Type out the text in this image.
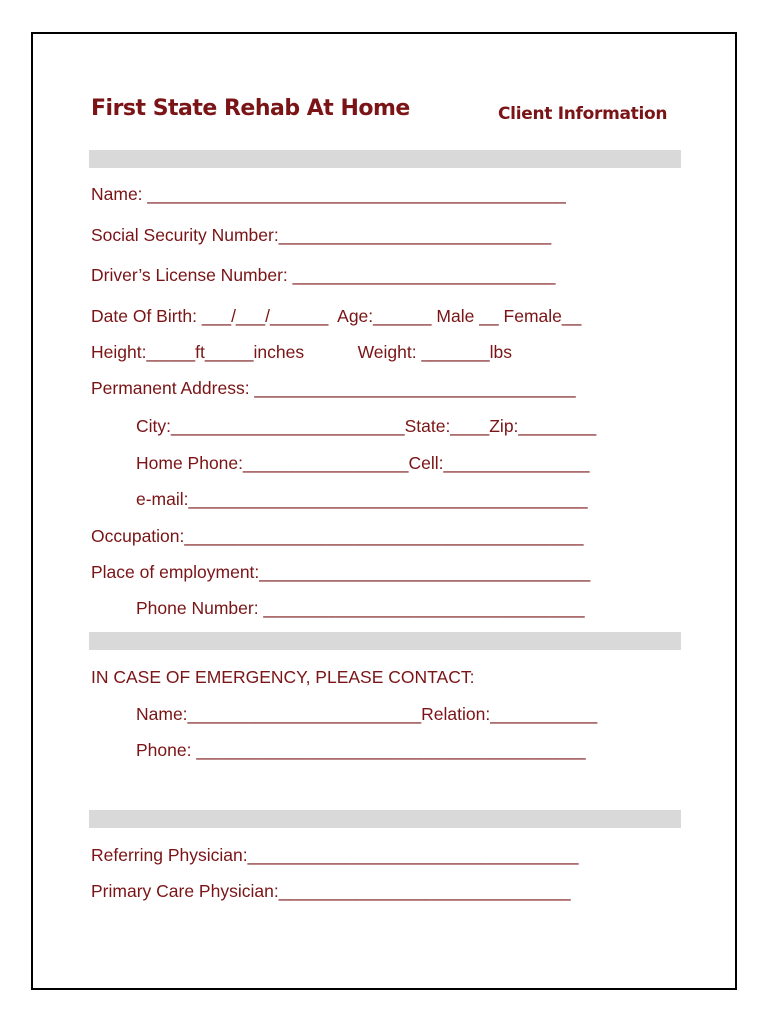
First State Rehab At Home	Client Information
Name: ___________________________________________
Social Security Number:____________________________
Driver’s License Number: ___________________________
Date Of Birth: ___/___/______  Age:______ Male __ Female__
Height:_____ft_____inches           Weight: _______lbs
Permanent Address: _________________________________
City:________________________State:____Zip:________
Home Phone:_________________Cell:_______________
e-mail:_________________________________________
Occupation:_________________________________________
Place of employment:__________________________________
Phone Number: _________________________________
IN CASE OF EMERGENCY, PLEASE CONTACT:
Name:________________________Relation:___________
Phone: ________________________________________
Referring Physician:__________________________________
Primary Care Physician:______________________________
